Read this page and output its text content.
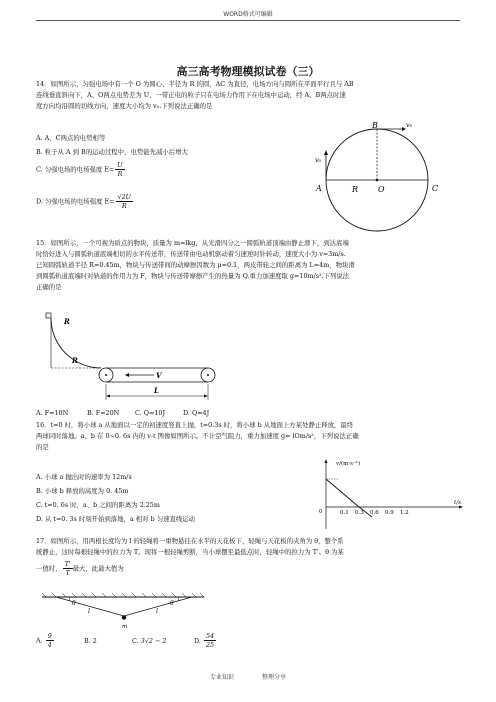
WORD格式可编辑
高三高考物理模拟试卷（三）
14．如图所示，匀强电场中有一个 O 为圆心、半径为 R 的圆，AC 为直径，电场方向与圆所在平面平行且与 AB
连线垂直斜向下，A、O两点电势差为 U，一带正电的粒子只在电场力作用下在电场中运动，经 A、B两点时速
度方向均沿圆的切线方向，速度大小均为 v₀.下列说法正确的是
A. A、C两点的电势相等
B. 粒子从 A 到 B的运动过程中，电势能先减小后增大
C. 匀强电场的电场强度 $E= \frac{U}{R}$
D. 匀强电场的电场强度 $E= \frac{√2U}{R}$
B	v₀
v₀
A	R O	C
15．如图所示，一个可视为质点的物块，质量为 m=lkg，从光滑四分之一圆弧轨道顶端由静止滑下，到达底端
时恰好进入与圆弧轨道底端相切的水平传送带，传送带由电动机驱动着匀速逆时针转动，速度大小为 v=3m/s.
已知圆弧轨道半径 R=0.45m，物块与传送带间的动摩擦因数为 μ=0.1，两皮带轮之间的距离为 L=4m，物块滑
到圆弧轨道底端时对轨道的作用力为 F，物块与传送带摩擦产生的热量为 Q.重力加速度取 g=10m/s².下列说法
正确的是
R
R
V
L
A. F=10N	B. F=20N C. Q=10J	D. Q=4J
16．t=0 时，将小球 a 从地面以一定的初速度竖直上抛，t=0.3s 时，将小球 b 从地面上方某处静止释放，最终
两球同时落地。a、b 在 0~0. 6s 内的 v-t 图像如图所示。不计空气阻力，重力加速度 g= lOm/s²，下列说法正确
的是
A. 小球 a 抛出时的速率为 12m/s
B. 小球 b 释放的高度为 0. 45m
C. t=0. 6s 时，a、b 之间的距离为 2.25m
D. 从 t=0. 3s 时刻开始到落地，a 相对 b 匀速直线运动
v/(m·s⁻¹)
t/s
0	0.1 0.3 0.6 0.9 1.2
17．如图所示，用两根长度均为 l 的轻绳将一重物悬挂在水平的天花板下，轻绳与天花板的夹角为 θ，整个系
统静止，这时每根轻绳中的拉力为 T。现将一根轻绳剪断，当小球摆至最低点时，轻绳中的拉力为 T'。θ 为某
一值时， $\frac{T'}{T}$ 最大，此最大值为
θ	θ
l	l
m
A. $\frac{9}{4}$	B. 2	C. 3√2 − 2	D. $\frac{54}{25}$
专业知识	整理分享
